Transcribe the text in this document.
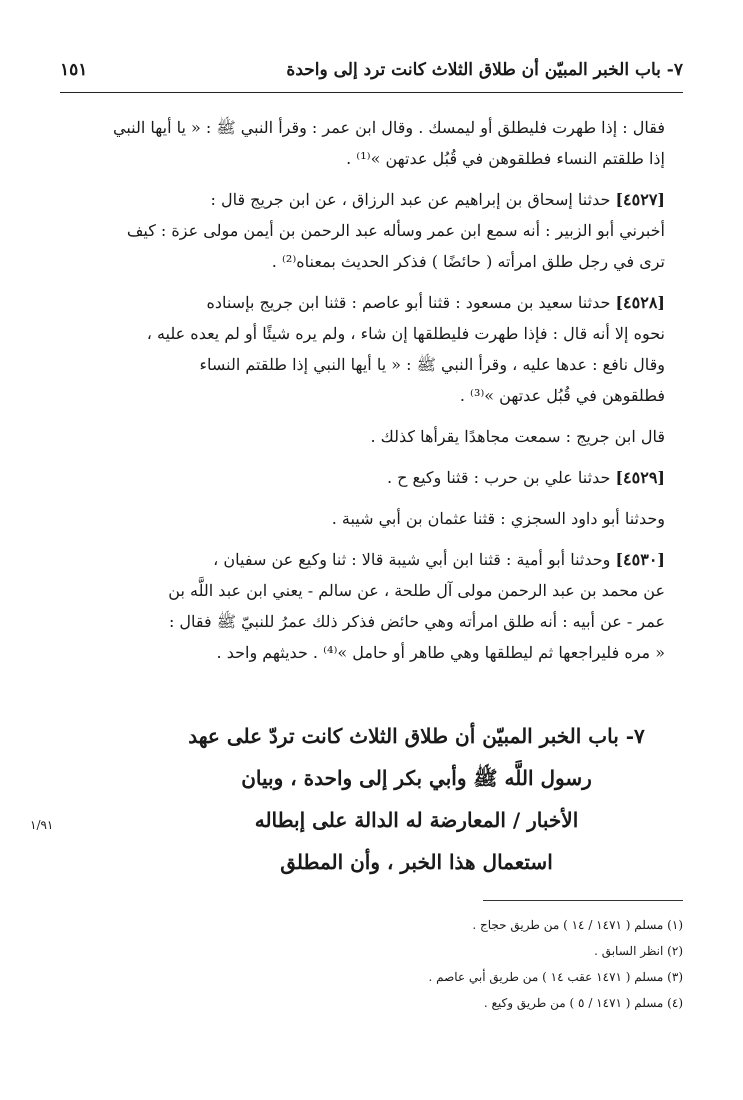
٧- باب الخبر المبيّن أن طلاق الثلاث كانت ترد إلى واحدة
١٥١

فقال : إذا طهرت فليطلق أو ليمسك . وقال ابن عمر : وقرأ النبي ﷺ : « يا أيها النبي
إذا طلقتم النساء فطلقوهن في قُبُل عدتهن »⁽¹⁾ .

[٤٥٢٧] حدثنا إسحاق بن إبراهيم عن عبد الرزاق ، عن ابن جريج قال :
أخبرني أبو الزبير : أنه سمع ابن عمر وسأله عبد الرحمن بن أيمن مولى عزة : كيف
ترى في رجل طلق امرأته ( حائضًا ) فذكر الحديث بمعناه⁽²⁾ .

[٤٥٢٨] حدثنا سعيد بن مسعود : قثنا أبو عاصم : قثنا ابن جريج بإسناده
نحوه إلا أنه قال : فإذا طهرت فليطلقها إن شاء ، ولم يره شيئًا أو لم يعده عليه ،
وقال نافع : عدها عليه ، وقرأ النبي ﷺ : « يا أيها النبي إذا طلقتم النساء
فطلقوهن في قُبُل عدتهن »⁽³⁾ .

قال ابن جريج : سمعت مجاهدًا يقرأها كذلك .

[٤٥٢٩] حدثنا علي بن حرب : قثنا وكيع ح .

وحدثنا أبو داود السجزي : قثنا عثمان بن أبي شيبة .

[٤٥٣٠] وحدثنا أبو أمية : قثنا ابن أبي شيبة قالا : ثنا وكيع عن سفيان ،
عن محمد بن عبد الرحمن مولى آل طلحة ، عن سالم - يعني ابن عبد اللَّه بن
عمر - عن أبيه : أنه طلق امرأته وهي حائض فذكر ذلك عمرُ للنبيّ ﷺ فقال :
« مره فليراجعها ثم ليطلقها وهي طاهر أو حامل »⁽⁴⁾ . حديثهم واحد .

٧- باب الخبر المبيّن أن طلاق الثلاث كانت تردّ على عهد
رسول اللَّه ﷺ وأبي بكر إلى واحدة ، وبيان
الأخبار / المعارضة له الدالة على إبطاله
استعمال هذا الخبر ، وأن المطلق
١/٩١
(١) مسلم ( ١٤٧١ / ١٤ ) من طريق حجاج .
(٢) انظر السابق .
(٣) مسلم ( ١٤٧١ عقب ١٤ ) من طريق أبي عاصم .
(٤) مسلم ( ١٤٧١ / ٥ ) من طريق وكيع .
